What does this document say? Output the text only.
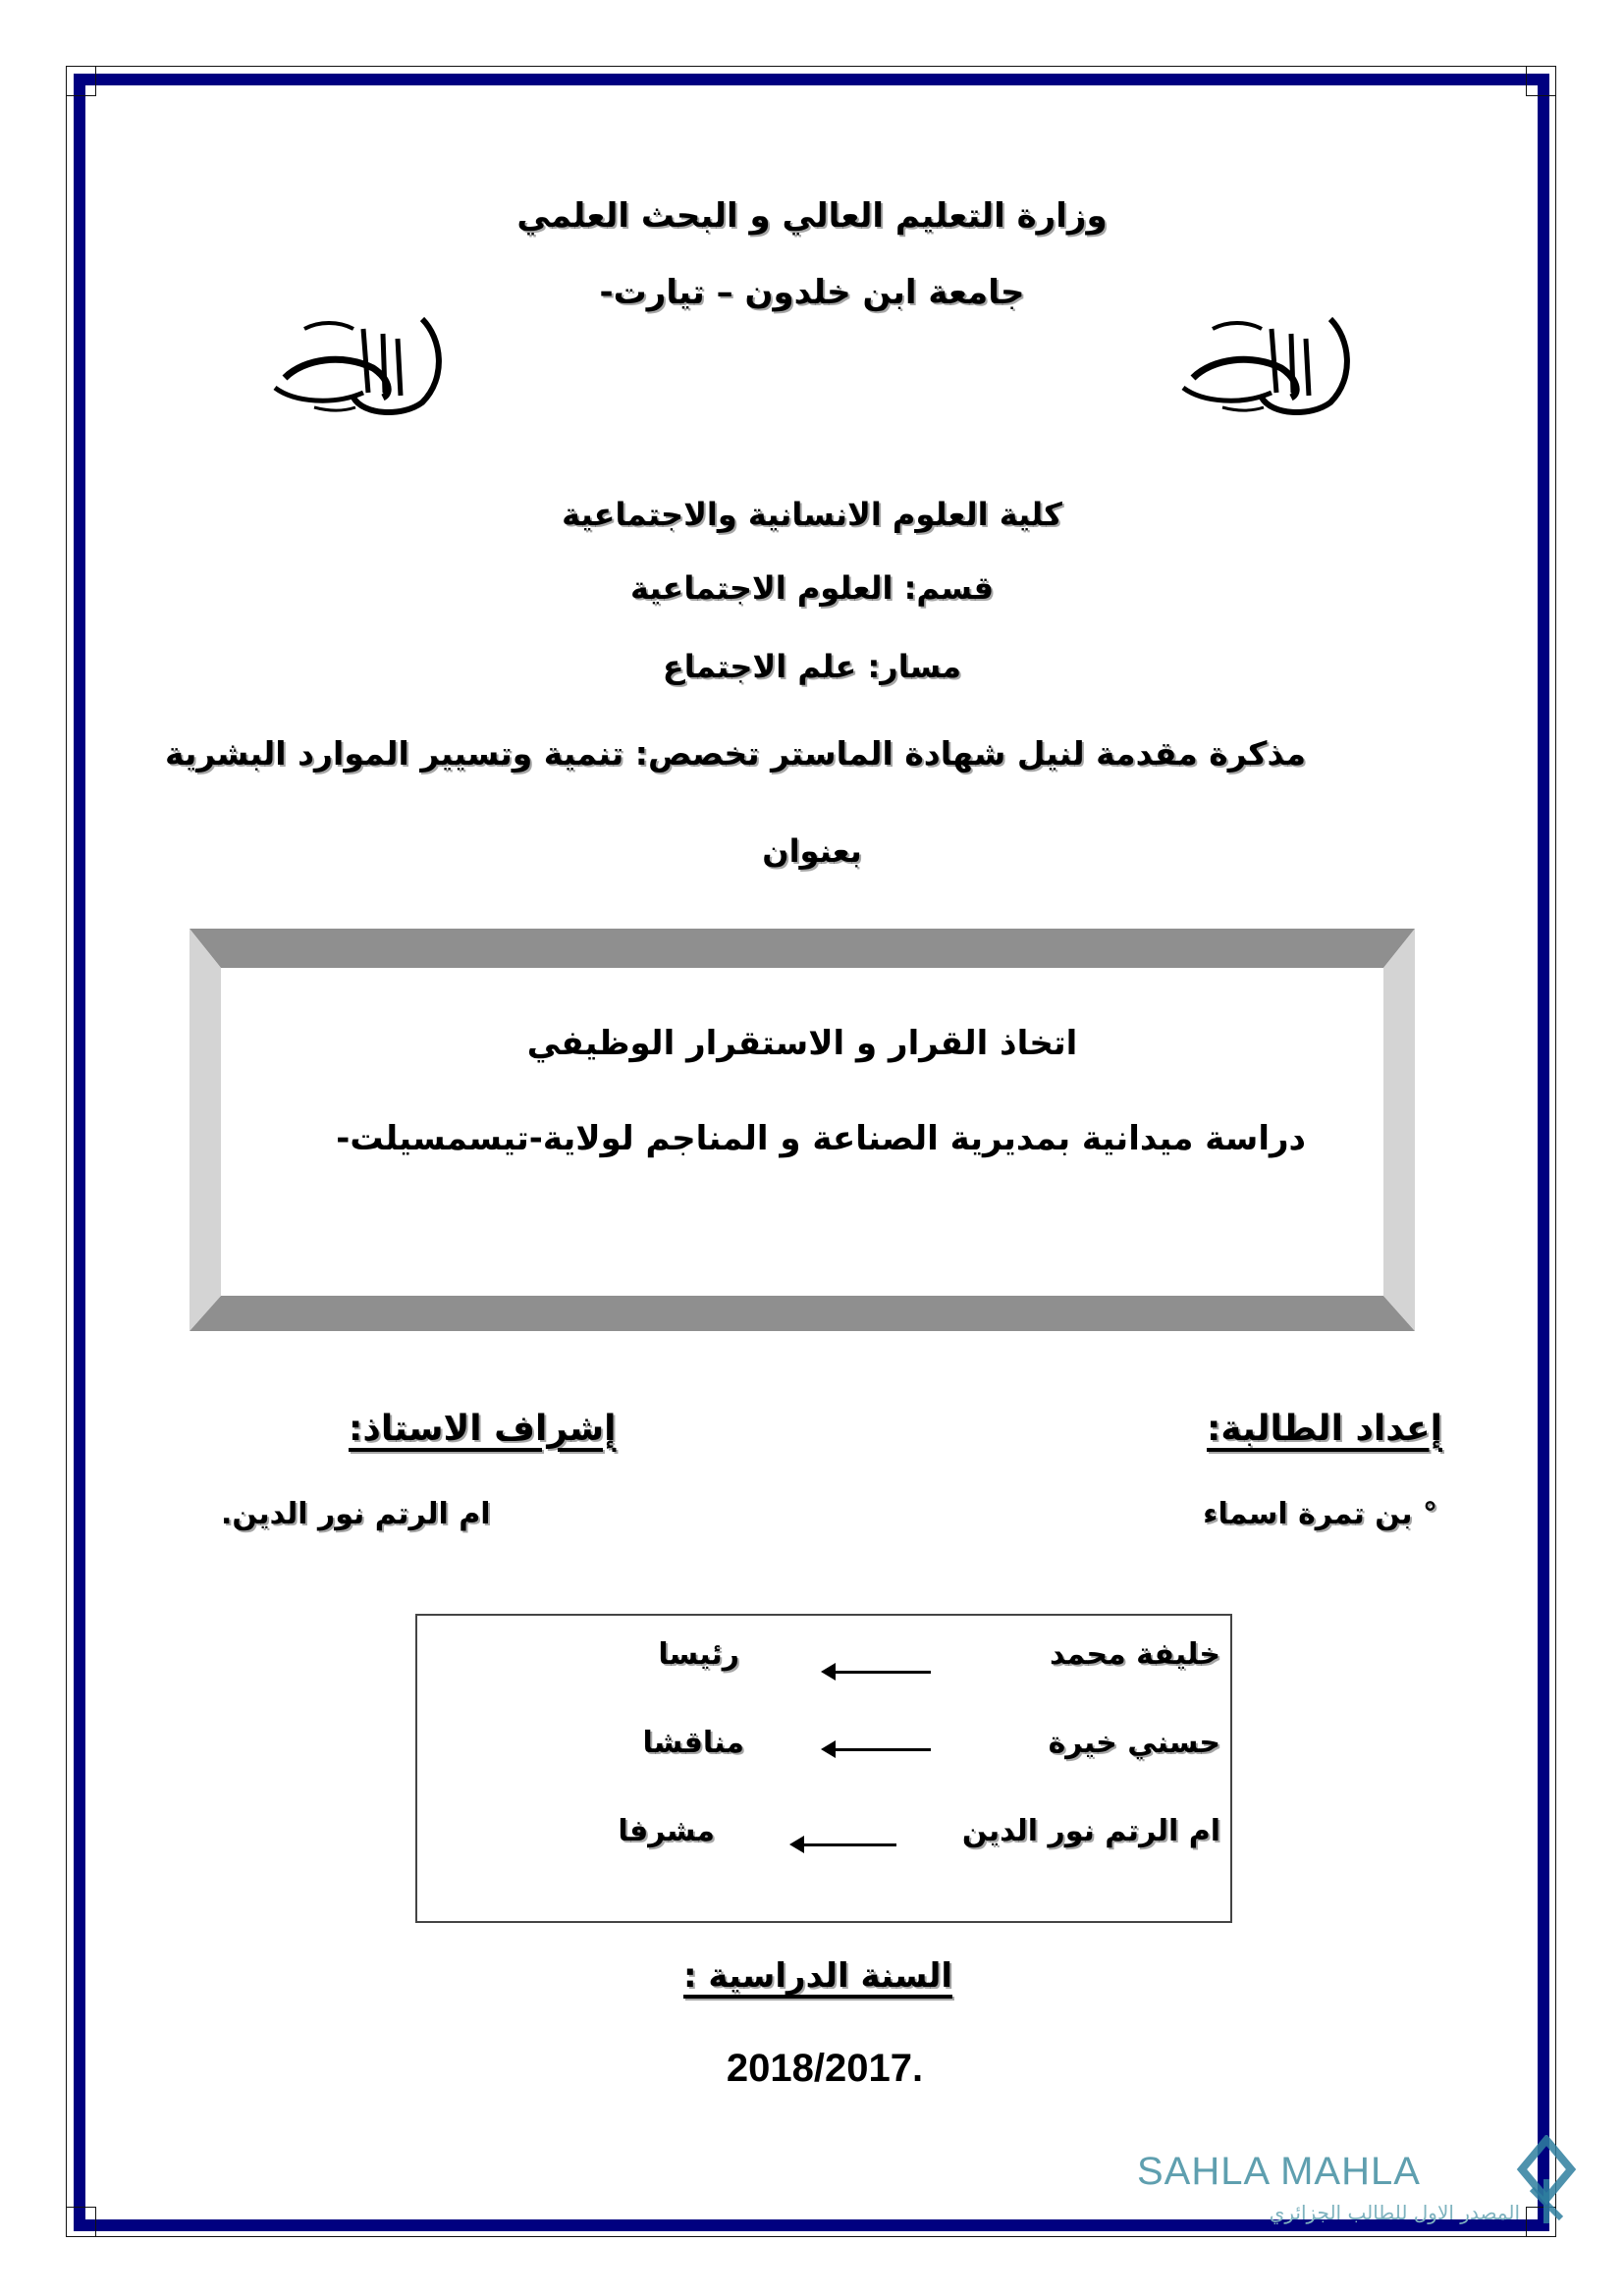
وزارة التعليم العالي و البحث العلمي
جامعة ابن خلدون – تيارت-
كلية العلوم الانسانية والاجتماعية
قسم: العلوم الاجتماعية
مسار: علم الاجتماع
مذكرة مقدمة لنيل شهادة الماستر تخصص: تنمية وتسيير الموارد البشرية
بعنوان
اتخاذ القرار و الاستقرار الوظيفي
دراسة ميدانية بمديرية الصناعة و المناجم لولاية-تيسمسيلت-
إعداد الطالبة:
إشراف الاستاذ:
° بن تمرة اسماء
ام الرتم نور الدين.
خليفة محمد
رئيسا
حسني خيرة
مناقشا
ام الرتم نور الدين
مشرفا
السنة الدراسية :
2018/2017.
SAHLA MAHLA
المصدر الاول للطالب الجزائري
